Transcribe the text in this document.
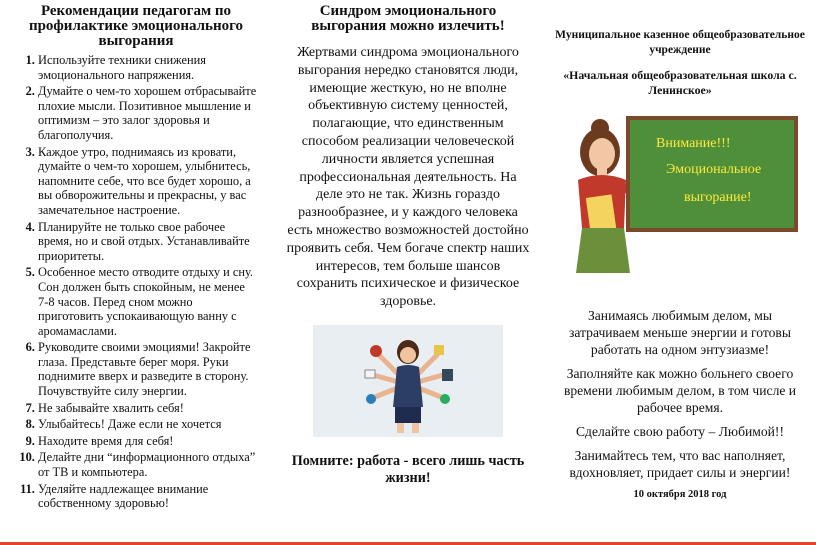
Рекомендации педагогам по профилактике эмоционального выгорания
1. Используйте техники снижения эмоционального напряжения.
2. Думайте о чем-то хорошем отбрасывайте плохие мысли. Позитивное мышление и оптимизм – это залог здоровья и благополучия.
3. Каждое утро, поднимаясь из кровати, думайте о чем-то хорошем, улыбнитесь, напомните себе, что все будет хорошо, а вы обворожительны и прекрасны, у вас замечательное настроение.
4. Планируйте не только свое рабочее время, но и свой отдых. Устанавливайте приоритеты.
5. Особенное место отводите отдыху и сну. Сон должен быть спокойным, не менее 7-8 часов. Перед сном можно приготовить успокаивающую ванну с аромамаслами.
6. Руководите своими эмоциями! Закройте глаза. Представьте берег моря. Руки поднимите вверх и разведите в сторону. Почувствуйте силу энергии.
7. Не забывайте хвалить себя!
8. Улыбайтесь! Даже если не хочется
9. Находите время для себя!
10. Делайте дни “информационного отдыха” от ТВ и компьютера.
11. Уделяйте надлежащее внимание собственному здоровью!
Синдром эмоционального выгорания можно излечить!
Жертвами синдрома эмоционального выгорания нередко становятся люди, имеющие жесткую, но не вполне объективную систему ценностей, полагающие, что единственным способом реализации человеческой личности является успешная профессиональная деятельность. На деле это не так. Жизнь гораздо разнообразнее, и у каждого человека есть множество возможностей достойно проявить себя. Чем богаче спектр наших интересов, тем больше шансов сохранить психическое и физическое здоровье.
Помните: работа - всего лишь часть жизни!
Муниципальное казенное общеобразовательное учреждение
«Начальная общеобразовательная школа с. Ленинское»
Внимание!!!
Эмоциональное
выгорание!

Занимаясь любимым делом, мы затрачиваем меньше энергии и готовы работать на одном энтузиазме!

Заполняйте как можно больнего своего времени любимым делом, в том числе и рабочее время.

Сделайте свою работу – Любимой!!

Занимайтесь тем, что вас наполняет, вдохновляет, придает силы и энергии!

10 октября 2018 год
